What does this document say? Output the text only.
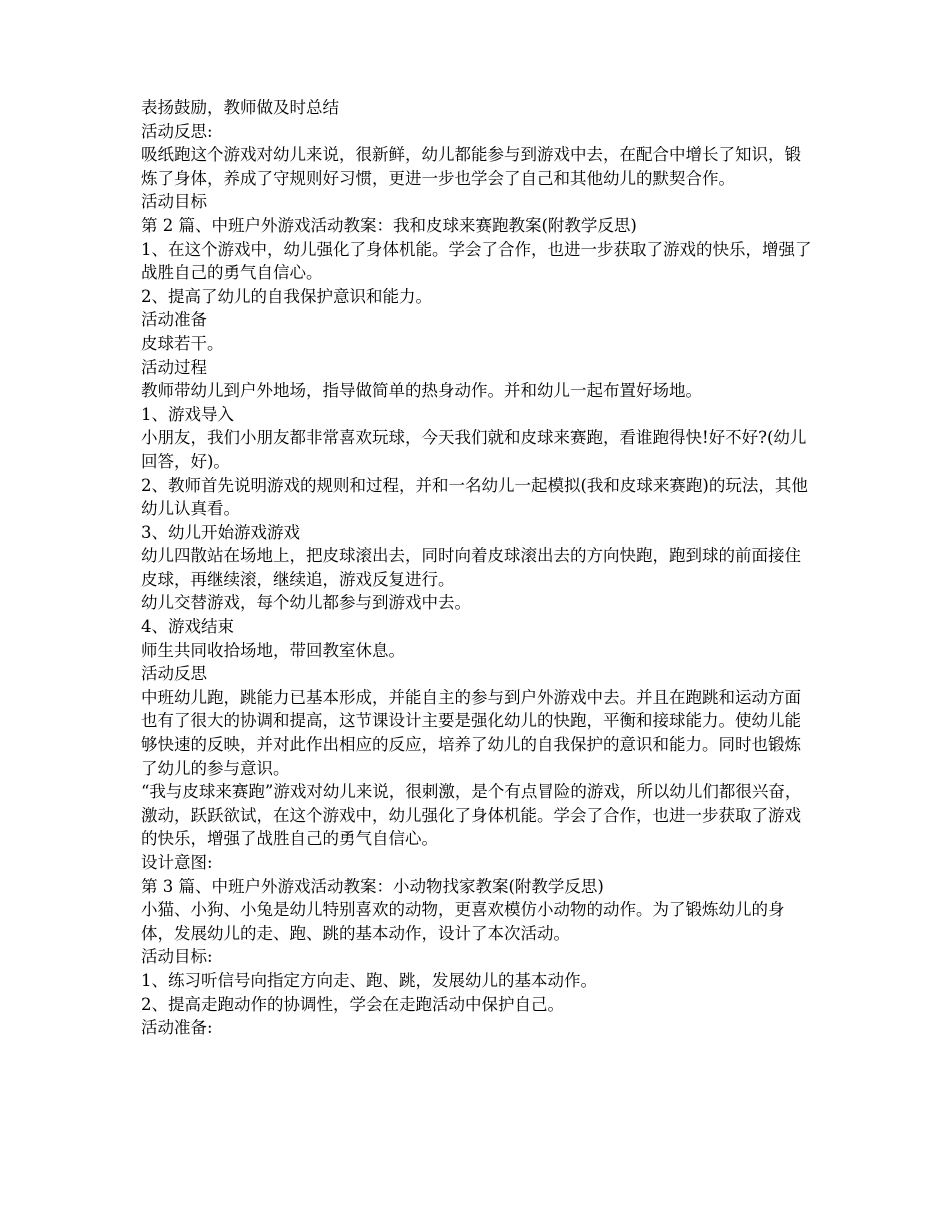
表扬鼓励，教师做及时总结

活动反思:

吸纸跑这个游戏对幼儿来说，很新鲜，幼儿都能参与到游戏中去，在配合中增长了知识，锻炼了身体，养成了守规则好习惯，更进一步也学会了自己和其他幼儿的默契合作。

活动目标

第 2 篇、中班户外游戏活动教案：我和皮球来赛跑教案(附教学反思)

1、在这个游戏中，幼儿强化了身体机能。学会了合作，也进一步获取了游戏的快乐，增强了战胜自己的勇气自信心。

2、提高了幼儿的自我保护意识和能力。

活动准备

皮球若干。

活动过程

教师带幼儿到户外地场，指导做简单的热身动作。并和幼儿一起布置好场地。

1、游戏导入

小朋友，我们小朋友都非常喜欢玩球，今天我们就和皮球来赛跑，看谁跑得快!好不好?(幼儿回答，好)。

2、教师首先说明游戏的规则和过程，并和一名幼儿一起模拟(我和皮球来赛跑)的玩法，其他幼儿认真看。

3、幼儿开始游戏游戏

幼儿四散站在场地上，把皮球滚出去，同时向着皮球滚出去的方向快跑，跑到球的前面接住皮球，再继续滚，继续追，游戏反复进行。

幼儿交替游戏，每个幼儿都参与到游戏中去。

4、游戏结束

师生共同收拾场地，带回教室休息。

活动反思

中班幼儿跑，跳能力已基本形成，并能自主的参与到户外游戏中去。并且在跑跳和运动方面也有了很大的协调和提高，这节课设计主要是强化幼儿的快跑，平衡和接球能力。使幼儿能够快速的反映，并对此作出相应的反应，培养了幼儿的自我保护的意识和能力。同时也锻炼了幼儿的参与意识。

“我与皮球来赛跑”游戏对幼儿来说，很刺激，是个有点冒险的游戏，所以幼儿们都很兴奋，激动，跃跃欲试，在这个游戏中，幼儿强化了身体机能。学会了合作，也进一步获取了游戏的快乐，增强了战胜自己的勇气自信心。

设计意图:

第 3 篇、中班户外游戏活动教案：小动物找家教案(附教学反思)

小猫、小狗、小兔是幼儿特别喜欢的动物，更喜欢模仿小动物的动作。为了锻炼幼儿的身体，发展幼儿的走、跑、跳的基本动作，设计了本次活动。

活动目标:

1、练习听信号向指定方向走、跑、跳，发展幼儿的基本动作。

2、提高走跑动作的协调性，学会在走跑活动中保护自己。

活动准备:
